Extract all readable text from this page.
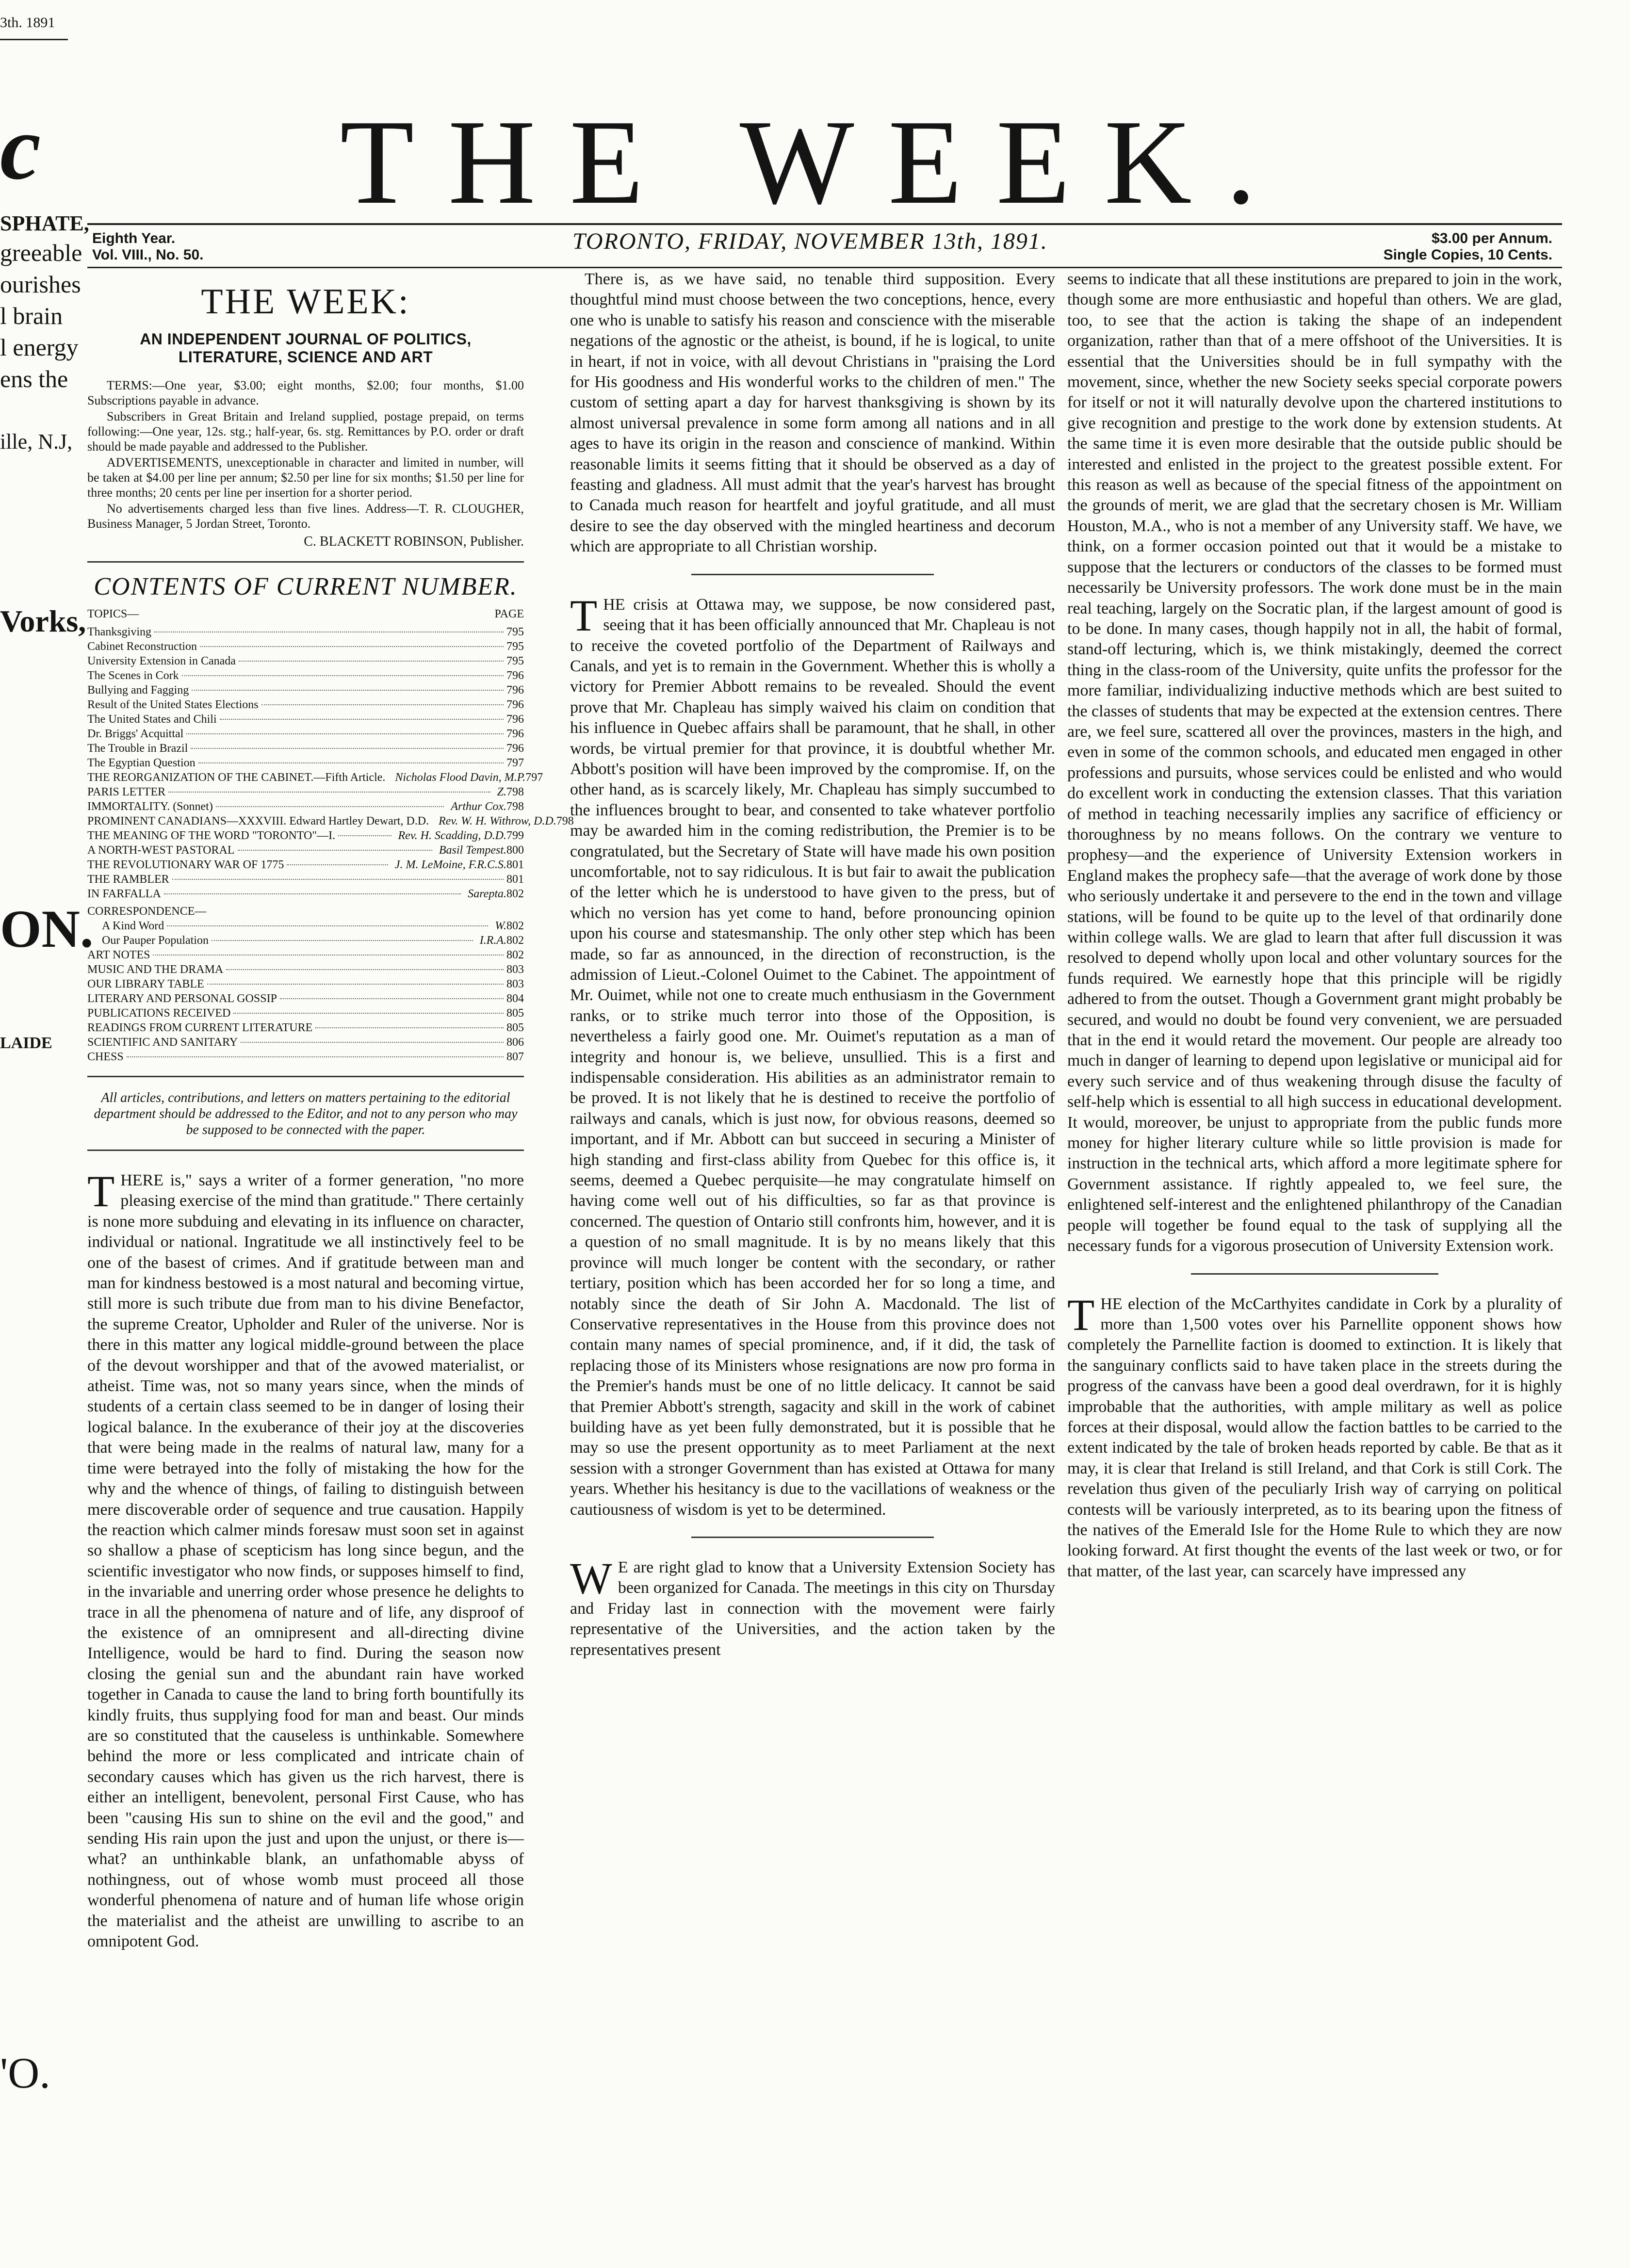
3th. 1891
THE WEEK.
Eighth Year.
Vol. VIII., No. 50.
TORONTO, FRIDAY, NOVEMBER 13th, 1891.	$3.00 per Annum.
Single Copies, 10 Cents.
c
SPHATE,
greeable
ourishes
l brain
l energy
ens the
ille, N.J,
Vorks,
ON.
LAIDE
'O.
THE WEEK:
AN INDEPENDENT JOURNAL OF POLITICS, LITERATURE, SCIENCE AND ART

TERMS:—One year, $3.00; eight months, $2.00; four months, $1.00 Subscriptions payable in advance.

Subscribers in Great Britain and Ireland supplied, postage prepaid, on terms following:—One year, 12s. stg.; half-year, 6s. stg. Remittances by P.O. order or draft should be made payable and addressed to the Publisher.

ADVERTISEMENTS, unexceptionable in character and limited in number, will be taken at $4.00 per line per annum; $2.50 per line for six months; $1.50 per line for three months; 20 cents per line per insertion for a shorter period.

No advertisements charged less than five lines. Address—T. R. CLOUGHER, Business Manager, 5 Jordan Street, Toronto.

C. BLACKETT ROBINSON, Publisher.
CONTENTS OF CURRENT NUMBER.
TOPICS—	PAGE
Thanksgiving	795
Cabinet Reconstruction	795
University Extension in Canada	795
The Scenes in Cork	796
Bullying and Fagging	796
Result of the United States Elections	796
The United States and Chili	796
Dr. Briggs' Acquittal	796
The Trouble in Brazil	796
The Egyptian Question	797
THE REORGANIZATION OF THE CABINET.—Fifth Article. Nicholas Flood Davin, M.P. 797
PARIS LETTER	Z. 798
IMMORTALITY. (Sonnet)	Arthur Cox. 798
PROMINENT CANADIANS—XXXVIII. Edward Hartley Dewart, D.D. Rev. W. H. Withrow, D.D. 798
THE MEANING OF THE WORD "TORONTO"—I.	Rev. H. Scadding, D.D. 799
A NORTH-WEST PASTORAL	Basil Tempest. 800
THE REVOLUTIONARY WAR OF 1775	J. M. LeMoine, F.R.C.S. 801
THE RAMBLER	801
IN FARFALLA	Sarepta. 802
CORRESPONDENCE—
A Kind Word	W. 802
Our Pauper Population	I.R.A. 802
ART NOTES	802
MUSIC AND THE DRAMA	803
OUR LIBRARY TABLE	803
LITERARY AND PERSONAL GOSSIP	804
PUBLICATIONS RECEIVED	805
READINGS FROM CURRENT LITERATURE	805
SCIENTIFIC AND SANITARY	806
CHESS	807
All articles, contributions, and letters on matters pertaining to the editorial department should be addressed to the Editor, and not to any person who may be supposed to be connected with the paper.
T HERE is," says a writer of a former generation, "no more pleasing exercise of the mind than gratitude." There certainly is none more subduing and elevating in its influence on character, individual or national. Ingratitude we all instinctively feel to be one of the basest of crimes. And if gratitude between man and man for kindness bestowed is a most natural and becoming virtue, still more is such tribute due from man to his divine Benefactor, the supreme Creator, Upholder and Ruler of the universe. Nor is there in this matter any logical middle-ground between the place of the devout worshipper and that of the avowed materialist, or atheist. Time was, not so many years since, when the minds of students of a certain class seemed to be in danger of losing their logical balance. In the exuberance of their joy at the discoveries that were being made in the realms of natural law, many for a time were betrayed into the folly of mistaking the how for the why and the whence of things, of failing to distinguish between mere discoverable order of sequence and true causation. Happily the reaction which calmer minds foresaw must soon set in against so shallow a phase of scepticism has long since begun, and the scientific investigator who now finds, or supposes himself to find, in the invariable and unerring order whose presence he delights to trace in all the phenomena of nature and of life, any disproof of the existence of an omnipresent and all-directing divine Intelligence, would be hard to find. During the season now closing the genial sun and the abundant rain have worked together in Canada to cause the land to bring forth bountifully its kindly fruits, thus supplying food for man and beast. Our minds are so constituted that the causeless is unthinkable. Somewhere behind the more or less complicated and intricate chain of secondary causes which has given us the rich harvest, there is either an intelligent, benevolent, personal First Cause, who has been "causing His sun to shine on the evil and the good," and sending His rain upon the just and upon the unjust, or there is—what? an unthinkable blank, an unfathomable abyss of nothingness, out of whose womb must proceed all those wonderful phenomena of nature and of human life whose origin the materialist and the atheist are unwilling to ascribe to an omnipotent God.

There is, as we have said, no tenable third supposition. Every thoughtful mind must choose between the two conceptions, hence, every one who is unable to satisfy his reason and conscience with the miserable negations of the agnostic or the atheist, is bound, if he is logical, to unite in heart, if not in voice, with all devout Christians in "praising the Lord for His goodness and His wonderful works to the children of men." The custom of setting apart a day for harvest thanksgiving is shown by its almost universal prevalence in some form among all nations and in all ages to have its origin in the reason and conscience of mankind. Within reasonable limits it seems fitting that it should be observed as a day of feasting and gladness. All must admit that the year's harvest has brought to Canada much reason for heartfelt and joyful gratitude, and all must desire to see the day observed with the mingled heartiness and decorum which are appropriate to all Christian worship.

T HE crisis at Ottawa may, we suppose, be now considered past, seeing that it has been officially announced that Mr. Chapleau is not to receive the coveted portfolio of the Department of Railways and Canals, and yet is to remain in the Government. Whether this is wholly a victory for Premier Abbott remains to be revealed. Should the event prove that Mr. Chapleau has simply waived his claim on condition that his influence in Quebec affairs shall be paramount, that he shall, in other words, be virtual premier for that province, it is doubtful whether Mr. Abbott's position will have been improved by the compromise. If, on the other hand, as is scarcely likely, Mr. Chapleau has simply succumbed to the influences brought to bear, and consented to take whatever portfolio may be awarded him in the coming redistribution, the Premier is to be congratulated, but the Secretary of State will have made his own position uncomfortable, not to say ridiculous. It is but fair to await the publication of the letter which he is understood to have given to the press, but of which no version has yet come to hand, before pronouncing opinion upon his course and statesmanship. The only other step which has been made, so far as announced, in the direction of reconstruction, is the admission of Lieut.-Colonel Ouimet to the Cabinet. The appointment of Mr. Ouimet, while not one to create much enthusiasm in the Government ranks, or to strike much terror into those of the Opposition, is nevertheless a fairly good one. Mr. Ouimet's reputation as a man of integrity and honour is, we believe, unsullied. This is a first and indispensable consideration. His abilities as an administrator remain to be proved. It is not likely that he is destined to receive the portfolio of railways and canals, which is just now, for obvious reasons, deemed so important, and if Mr. Abbott can but succeed in securing a Minister of high standing and first-class ability from Quebec for this office is, it seems, deemed a Quebec perquisite—he may congratulate himself on having come well out of his difficulties, so far as that province is concerned. The question of Ontario still confronts him, however, and it is a question of no small magnitude. It is by no means likely that this province will much longer be content with the secondary, or rather tertiary, position which has been accorded her for so long a time, and notably since the death of Sir John A. Macdonald. The list of Conservative representatives in the House from this province does not contain many names of special prominence, and, if it did, the task of replacing those of its Ministers whose resignations are now pro forma in the Premier's hands must be one of no little delicacy. It cannot be said that Premier Abbott's strength, sagacity and skill in the work of cabinet building have as yet been fully demonstrated, but it is possible that he may so use the present opportunity as to meet Parliament at the next session with a stronger Government than has existed at Ottawa for many years. Whether his hesitancy is due to the vacillations of weakness or the cautiousness of wisdom is yet to be determined.
W E are right glad to know that a University Extension Society has been organized for Canada. The meetings in this city on Thursday and Friday last in connection with the movement were fairly representative of the Universities, and the action taken by the representatives present

seems to indicate that all these institutions are prepared to join in the work, though some are more enthusiastic and hopeful than others. We are glad, too, to see that the action is taking the shape of an independent organization, rather than that of a mere offshoot of the Universities. It is essential that the Universities should be in full sympathy with the movement, since, whether the new Society seeks special corporate powers for itself or not it will naturally devolve upon the chartered institutions to give recognition and prestige to the work done by extension students. At the same time it is even more desirable that the outside public should be interested and enlisted in the project to the greatest possible extent. For this reason as well as because of the special fitness of the appointment on the grounds of merit, we are glad that the secretary chosen is Mr. William Houston, M.A., who is not a member of any University staff. We have, we think, on a former occasion pointed out that it would be a mistake to suppose that the lecturers or conductors of the classes to be formed must necessarily be University professors. The work done must be in the main real teaching, largely on the Socratic plan, if the largest amount of good is to be done. In many cases, though happily not in all, the habit of formal, stand-off lecturing, which is, we think mistakingly, deemed the correct thing in the class-room of the University, quite unfits the professor for the more familiar, individualizing inductive methods which are best suited to the classes of students that may be expected at the extension centres. There are, we feel sure, scattered all over the provinces, masters in the high, and even in some of the common schools, and educated men engaged in other professions and pursuits, whose services could be enlisted and who would do excellent work in conducting the extension classes. That this variation of method in teaching necessarily implies any sacrifice of efficiency or thoroughness by no means follows. On the contrary we venture to prophesy—and the experience of University Extension workers in England makes the prophecy safe—that the average of work done by those who seriously undertake it and persevere to the end in the town and village stations, will be found to be quite up to the level of that ordinarily done within college walls. We are glad to learn that after full discussion it was resolved to depend wholly upon local and other voluntary sources for the funds required. We earnestly hope that this principle will be rigidly adhered to from the outset. Though a Government grant might probably be secured, and would no doubt be found very convenient, we are persuaded that in the end it would retard the movement. Our people are already too much in danger of learning to depend upon legislative or municipal aid for every such service and of thus weakening through disuse the faculty of self-help which is essential to all high success in educational development. It would, moreover, be unjust to appropriate from the public funds more money for higher literary culture while so little provision is made for instruction in the technical arts, which afford a more legitimate sphere for Government assistance. If rightly appealed to, we feel sure, the enlightened self-interest and the enlightened philanthropy of the Canadian people will together be found equal to the task of supplying all the necessary funds for a vigorous prosecution of University Extension work.

T HE election of the McCarthyites candidate in Cork by a plurality of more than 1,500 votes over his Parnellite opponent shows how completely the Parnellite faction is doomed to extinction. It is likely that the sanguinary conflicts said to have taken place in the streets during the progress of the canvass have been a good deal overdrawn, for it is highly improbable that the authorities, with ample military as well as police forces at their disposal, would allow the faction battles to be carried to the extent indicated by the tale of broken heads reported by cable. Be that as it may, it is clear that Ireland is still Ireland, and that Cork is still Cork. The revelation thus given of the peculiarly Irish way of carrying on political contests will be variously interpreted, as to its bearing upon the fitness of the natives of the Emerald Isle for the Home Rule to which they are now looking forward. At first thought the events of the last week or two, or for that matter, of the last year, can scarcely have impressed any
